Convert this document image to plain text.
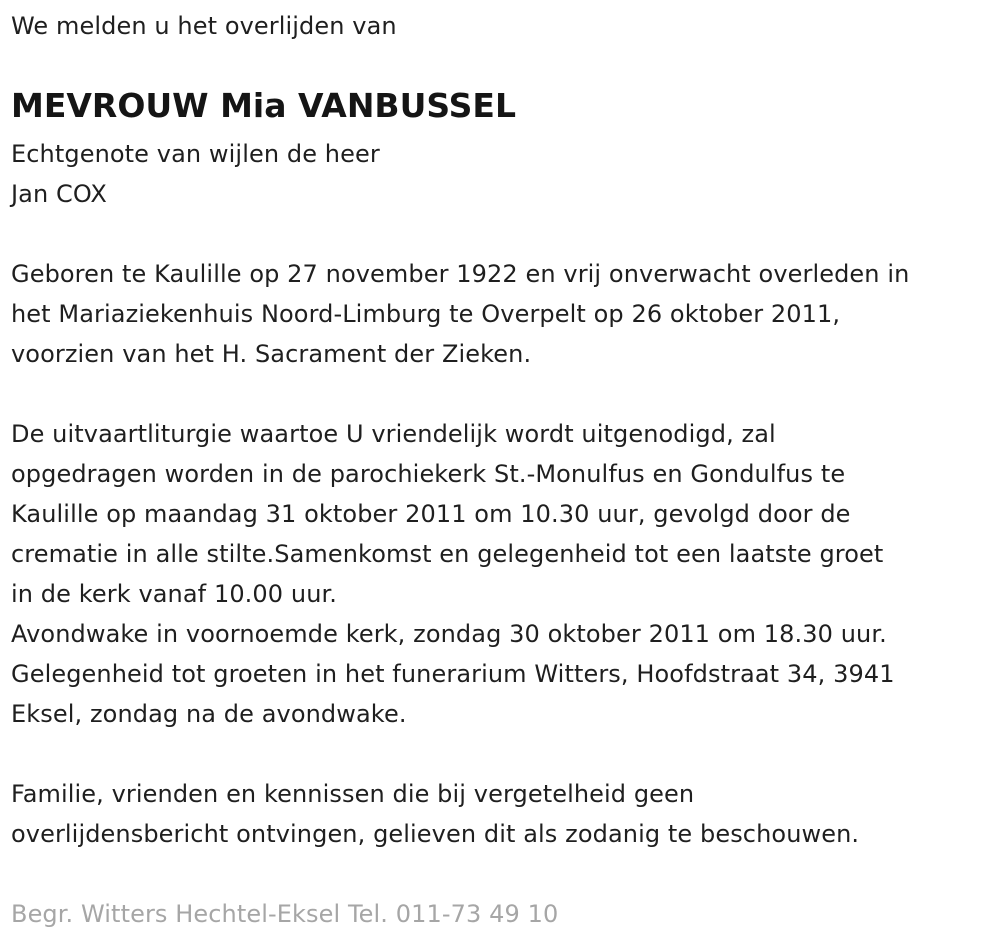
We melden u het overlijden van
MEVROUW Mia VANBUSSEL
Echtgenote van wijlen de heer
Jan COX
Geboren te Kaulille op 27 november 1922 en vrij onverwacht overleden in
het Mariaziekenhuis Noord-Limburg te Overpelt op 26 oktober 2011,
voorzien van het H. Sacrament der Zieken.
De uitvaartliturgie waartoe U vriendelijk wordt uitgenodigd, zal
opgedragen worden in de parochiekerk St.-Monulfus en Gondulfus te
Kaulille op maandag 31 oktober 2011 om 10.30 uur, gevolgd door de
crematie in alle stilte.Samenkomst en gelegenheid tot een laatste groet
in de kerk vanaf 10.00 uur.
Avondwake in voornoemde kerk, zondag 30 oktober 2011 om 18.30 uur.
Gelegenheid tot groeten in het funerarium Witters, Hoofdstraat 34, 3941
Eksel, zondag na de avondwake.
Familie, vrienden en kennissen die bij vergetelheid geen
overlijdensbericht ontvingen, gelieven dit als zodanig te beschouwen.
Begr. Witters Hechtel-Eksel Tel. 011-73 49 10
